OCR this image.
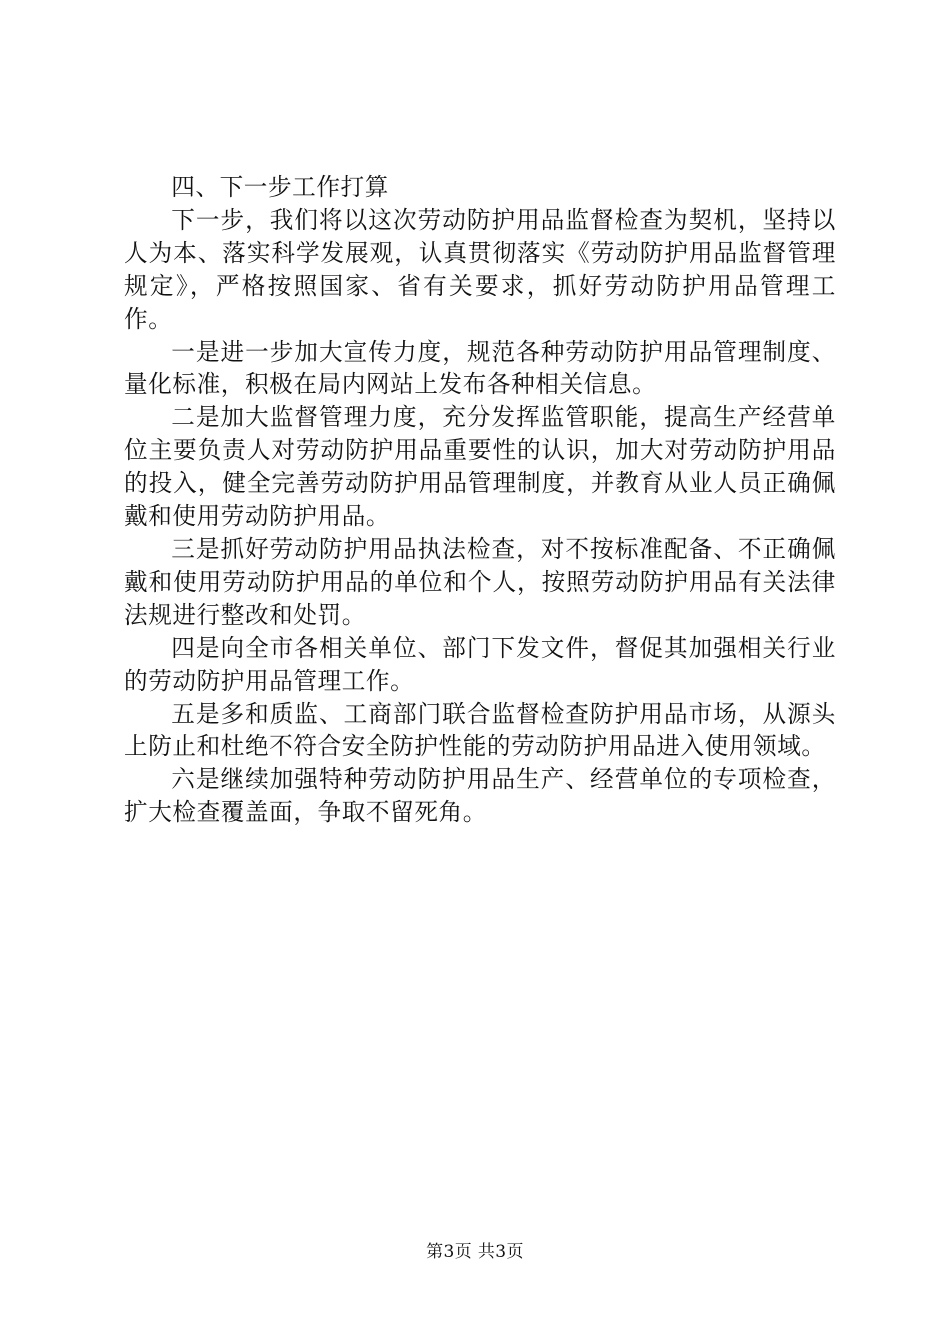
四、下一步工作打算

下一步，我们将以这次劳动防护用品监督检查为契机，坚持以人为本、落实科学发展观，认真贯彻落实《劳动防护用品监督管理规定》，严格按照国家、省有关要求，抓好劳动防护用品管理工作。

一是进一步加大宣传力度，规范各种劳动防护用品管理制度、量化标准，积极在局内网站上发布各种相关信息。

二是加大监督管理力度，充分发挥监管职能，提高生产经营单位主要负责人对劳动防护用品重要性的认识，加大对劳动防护用品的投入，健全完善劳动防护用品管理制度，并教育从业人员正确佩戴和使用劳动防护用品。

三是抓好劳动防护用品执法检查，对不按标准配备、不正确佩戴和使用劳动防护用品的单位和个人，按照劳动防护用品有关法律法规进行整改和处罚。

四是向全市各相关单位、部门下发文件，督促其加强相关行业的劳动防护用品管理工作。

五是多和质监、工商部门联合监督检查防护用品市场，从源头上防止和杜绝不符合安全防护性能的劳动防护用品进入使用领域。

六是继续加强特种劳动防护用品生产、经营单位的专项检查，扩大检查覆盖面，争取不留死角。

第3页 共3页
